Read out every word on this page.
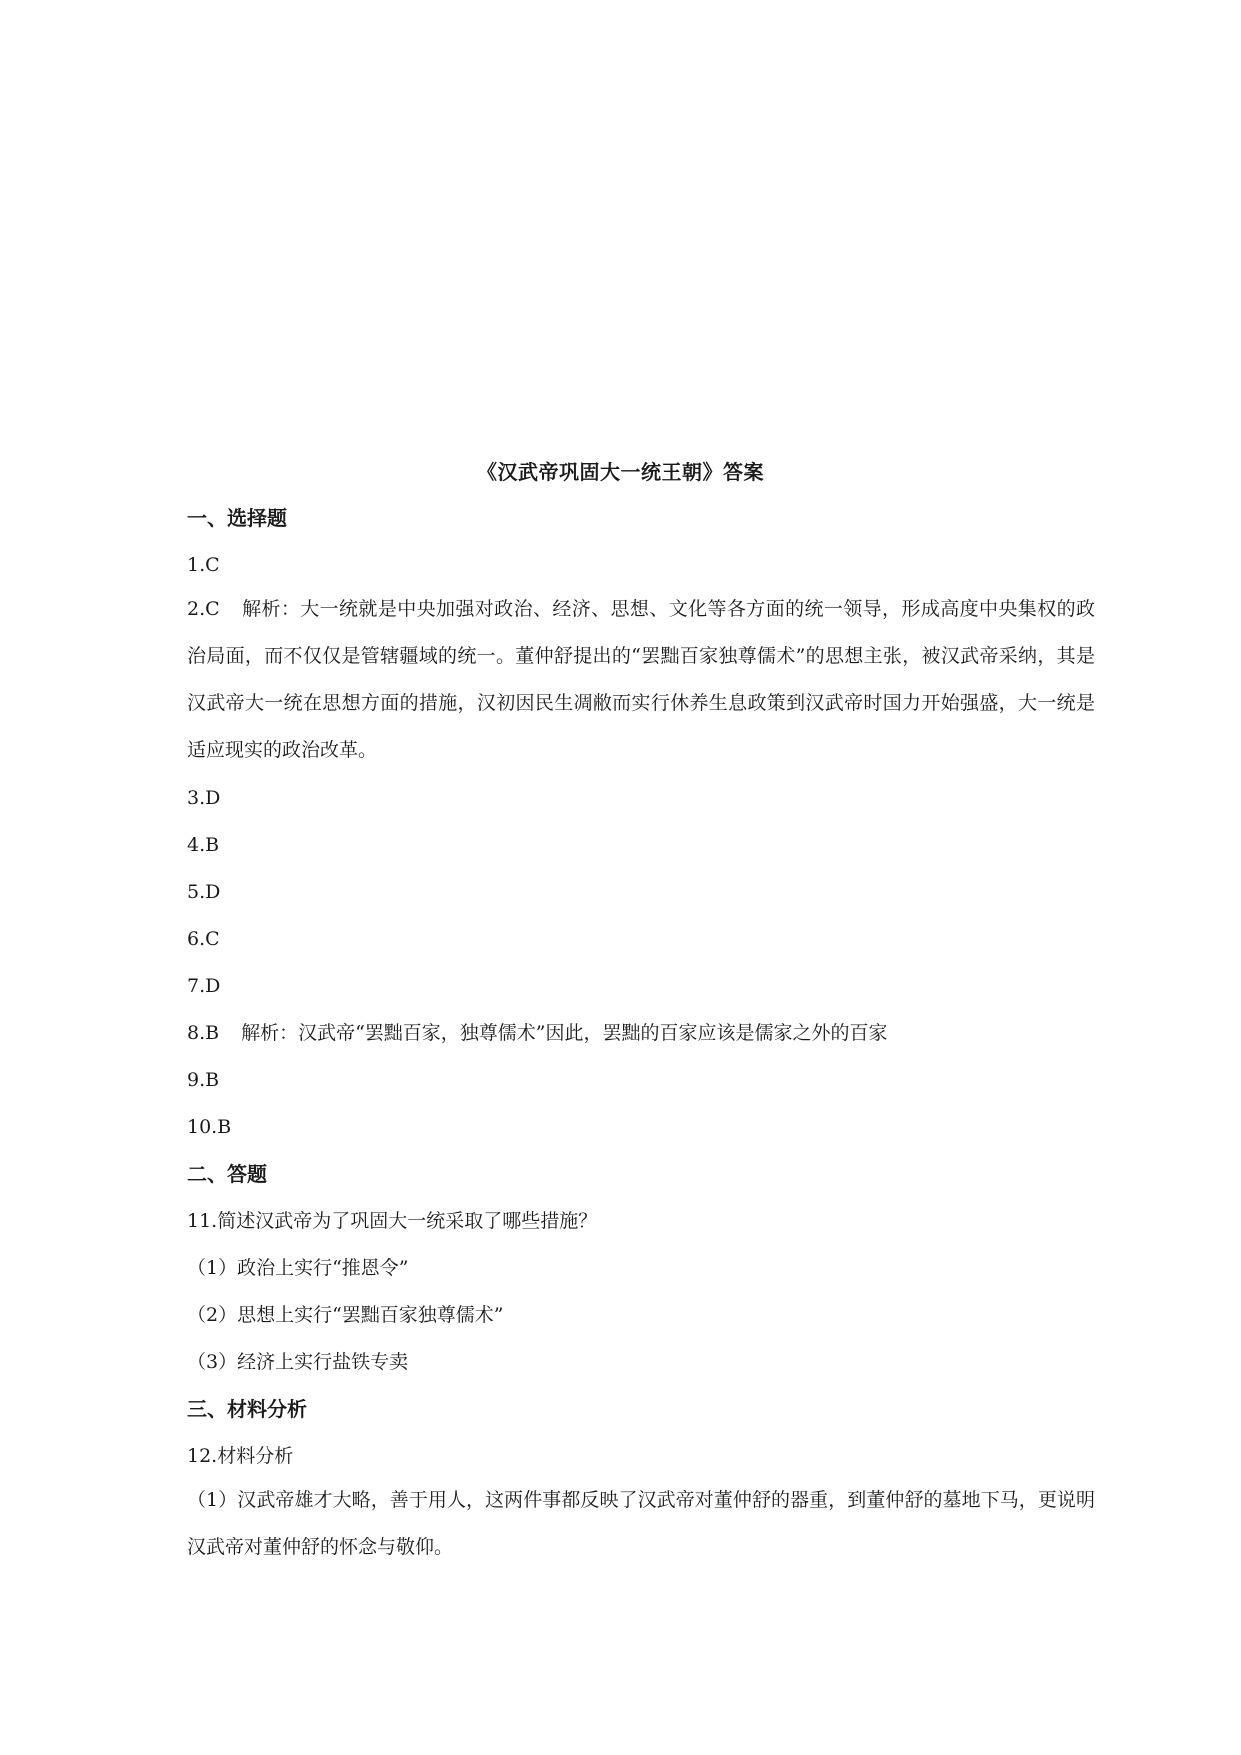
《汉武帝巩固大一统王朝》答案
一、选择题
1.C
2.C 解析：大一统就是中央加强对政治、经济、思想、文化等各方面的统一领导，形成高度中央集权的政治局面，而不仅仅是管辖疆域的统一。董仲舒提出的“罢黜百家独尊儒术”的思想主张，被汉武帝采纳，其是汉武帝大一统在思想方面的措施，汉初因民生凋敝而实行休养生息政策到汉武帝时国力开始强盛，大一统是适应现实的政治改革。
3.D
4.B
5.D
6.C
7.D
8.B 解析：汉武帝“罢黜百家，独尊儒术”因此，罢黜的百家应该是儒家之外的百家
9.B
10.B
二、答题
11.简述汉武帝为了巩固大一统采取了哪些措施？
（1）政治上实行“推恩令”
（2）思想上实行“罢黜百家独尊儒术”
（3）经济上实行盐铁专卖
三、材料分析
12.材料分析
（1）汉武帝雄才大略，善于用人，这两件事都反映了汉武帝对董仲舒的器重，到董仲舒的墓地下马，更说明汉武帝对董仲舒的怀念与敬仰。
